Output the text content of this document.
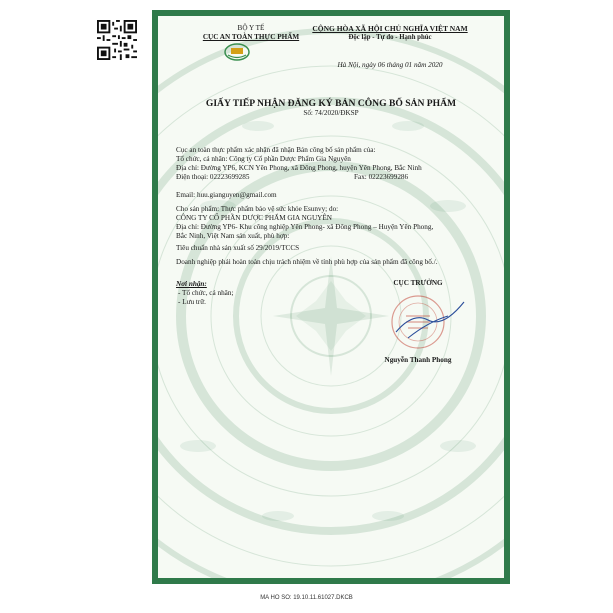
BỘ Y TẾ
CỤC AN TOÀN THỰC PHẨM
CỘNG HÒA XÃ HỘI CHỦ NGHĨA VIỆT NAM
Độc lập - Tự do - Hạnh phúc
Hà Nội, ngày 06 tháng 01 năm 2020
GIẤY TIẾP NHẬN ĐĂNG KÝ BẢN CÔNG BỐ SẢN PHẨM
Số: 74/2020/ĐKSP
Cục an toàn thực phẩm xác nhận đã nhận Bản công bố sản phẩm của:
Tổ chức, cá nhân: Công ty Cổ phần Dược Phẩm Gia Nguyên
Địa chỉ: Đường YP6, KCN Yên Phong, xã Đông Phong, huyện Yên Phong, Bắc Ninh
Điện thoại: 02223699285	Fax: 02223699286
Email: huu.gianguyen@gmail.com
Cho sản phẩm: Thực phẩm bảo vệ sức khỏe Esunvy; do:
CÔNG TY CỔ PHẦN DƯỢC PHẨM GIA NGUYÊN
Địa chỉ: Đường YP6- Khu công nghiệp Yên Phong- xã Đông Phong – Huyện Yên Phong,
Bắc Ninh, Việt Nam sản xuất, phù hợp:
Tiêu chuẩn nhà sản xuất số 29/2019/TCCS
Doanh nghiệp phải hoàn toàn chịu trách nhiệm về tính phù hợp của sản phẩm đã công bố./.
Nơi nhận:
- Tổ chức, cá nhân;
- Lưu trữ.
CỤC TRƯỞNG
Nguyễn Thanh Phong
MA HO SO: 19.10.11.61027.DKCB
